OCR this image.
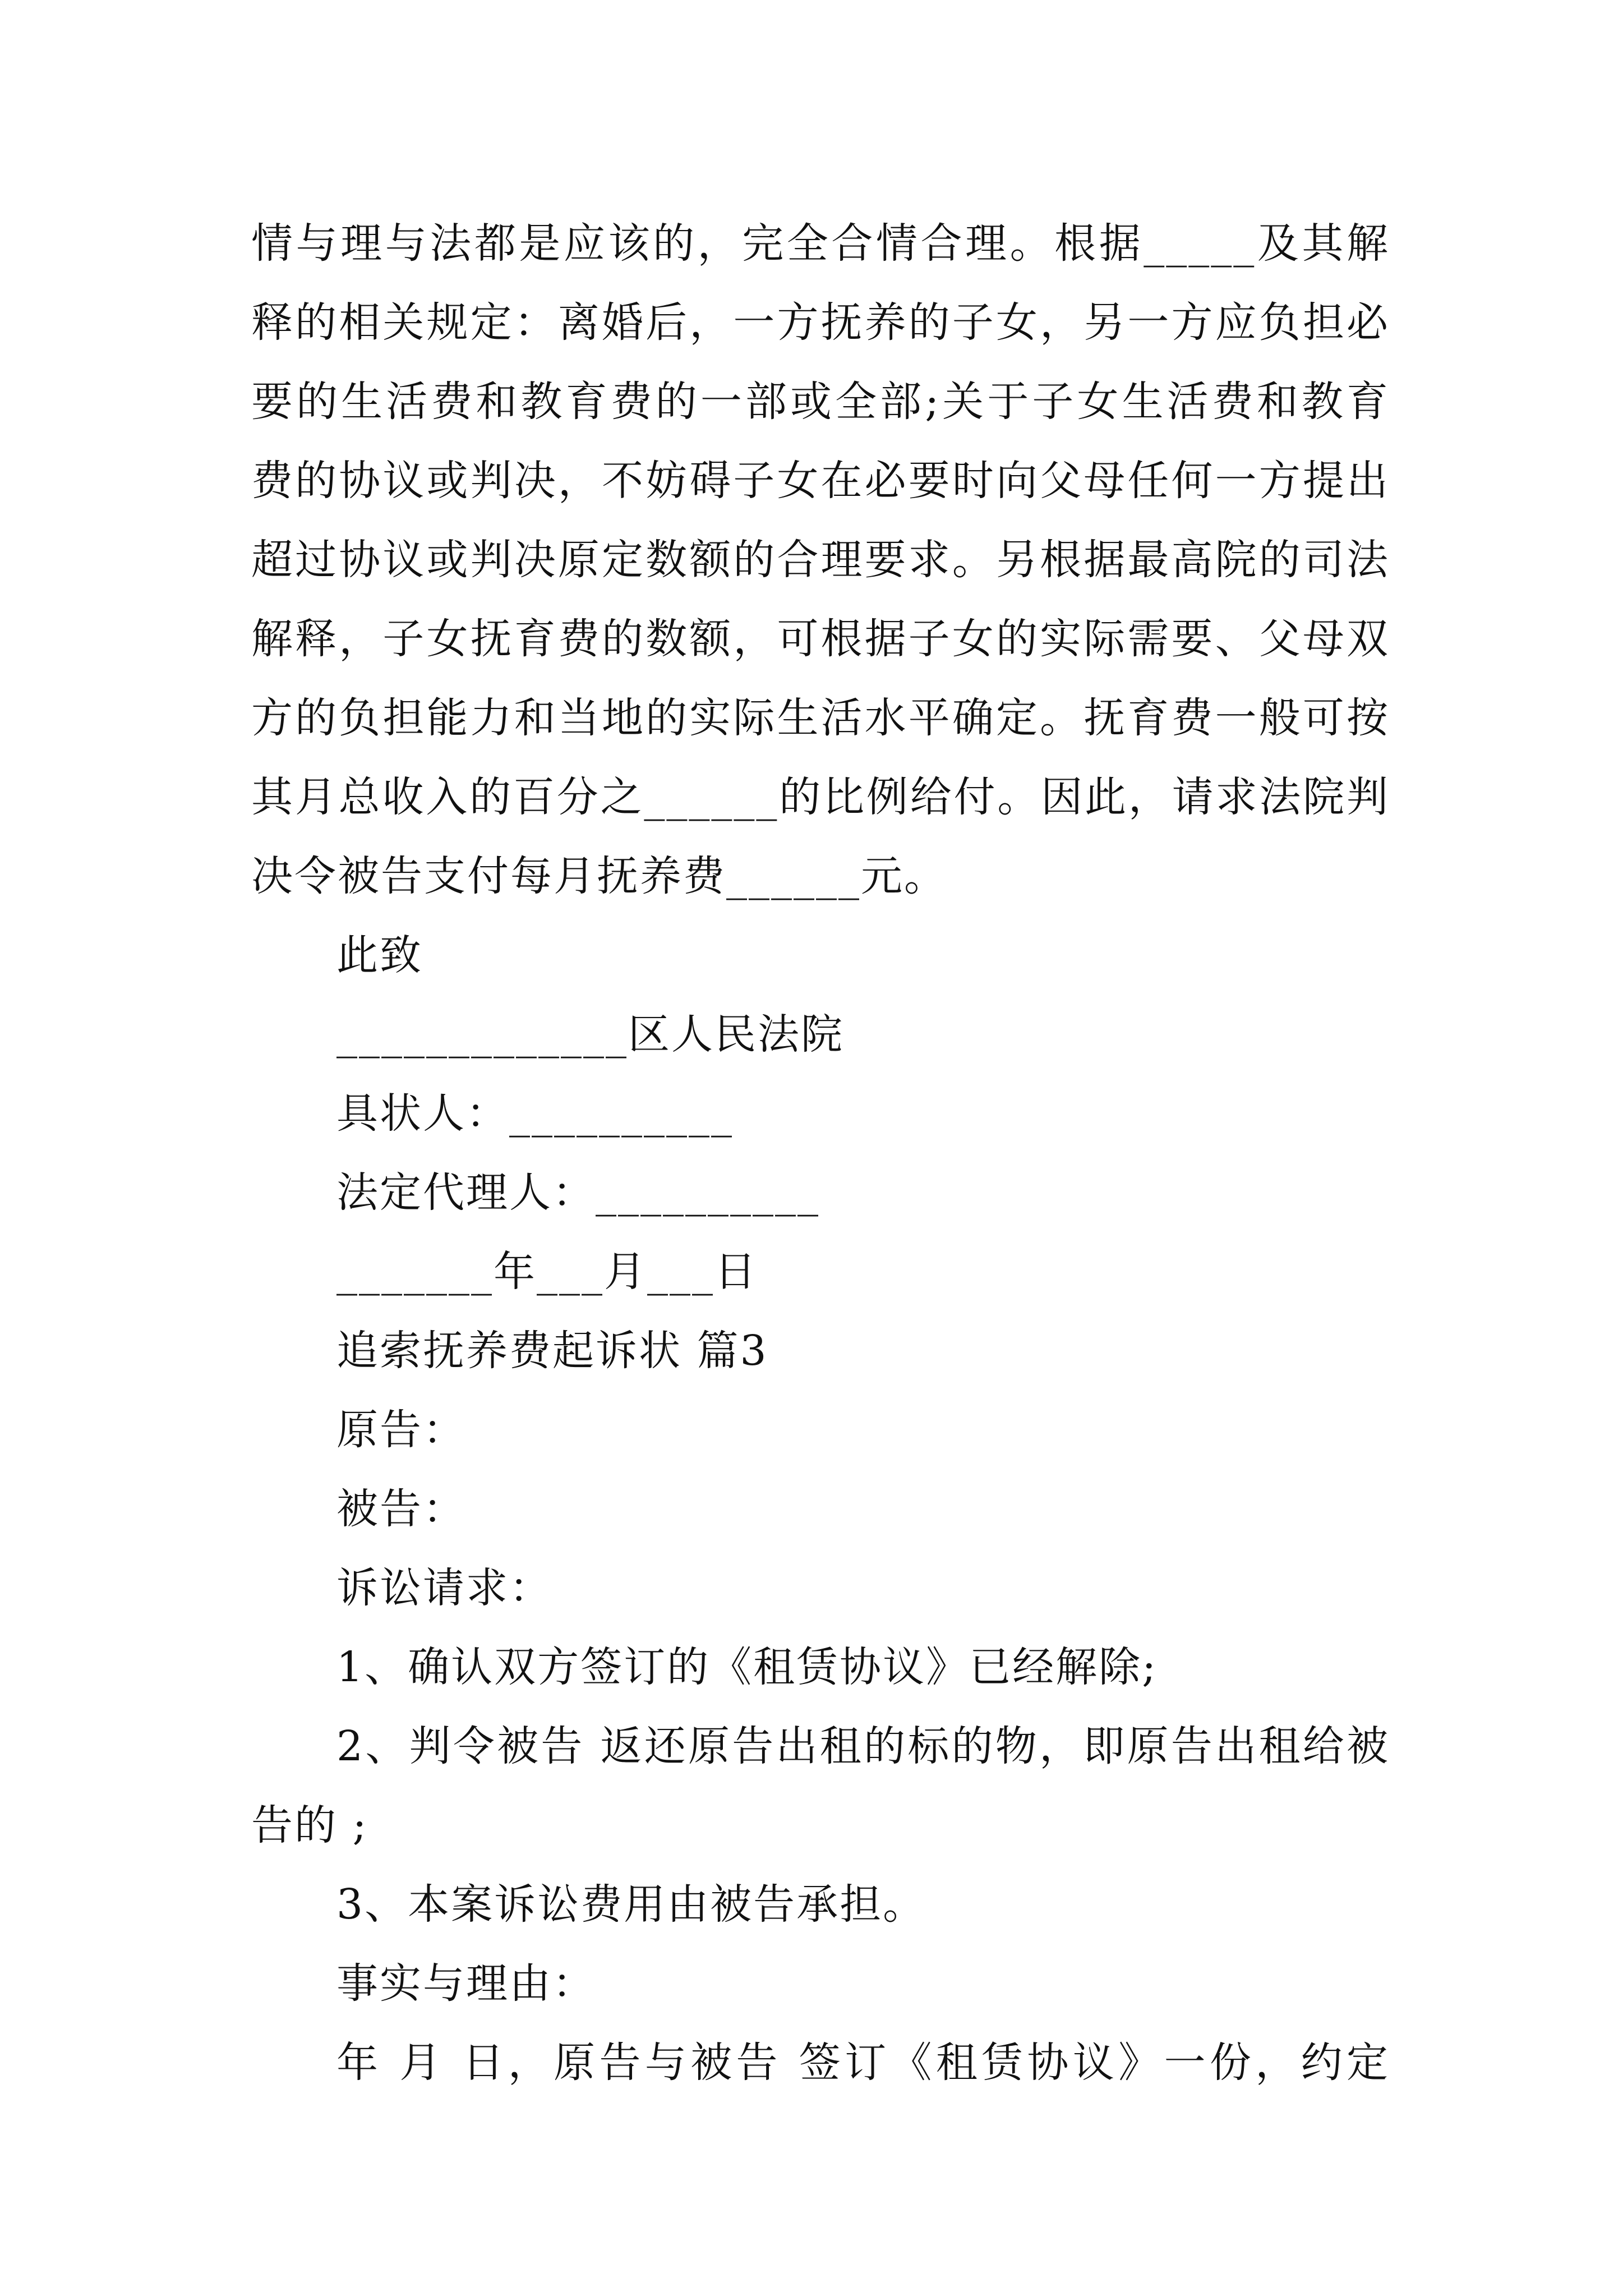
情与理与法都是应该的，完全合情合理。根据_____及其解
释的相关规定：离婚后，一方抚养的子女，另一方应负担必
要的生活费和教育费的一部或全部;关于子女生活费和教育
费的协议或判决，不妨碍子女在必要时向父母任何一方提出
超过协议或判决原定数额的合理要求。另根据最高院的司法
解释，子女抚育费的数额，可根据子女的实际需要、父母双
方的负担能力和当地的实际生活水平确定。抚育费一般可按
其月总收入的百分之______的比例给付。因此，请求法院判
决令被告支付每月抚养费______元。
此致
_____________区人民法院
具状人：__________
法定代理人：__________
_______年___月___日
追索抚养费起诉状 篇3
原告：
被告：
诉讼请求：
1、确认双方签订的《租赁协议》已经解除;
2、判令被告 返还原告出租的标的物，即原告出租给被
告的 ;
3、本案诉讼费用由被告承担。
事实与理由：
年 月 日，原告与被告 签订《租赁协议》一份，约定
